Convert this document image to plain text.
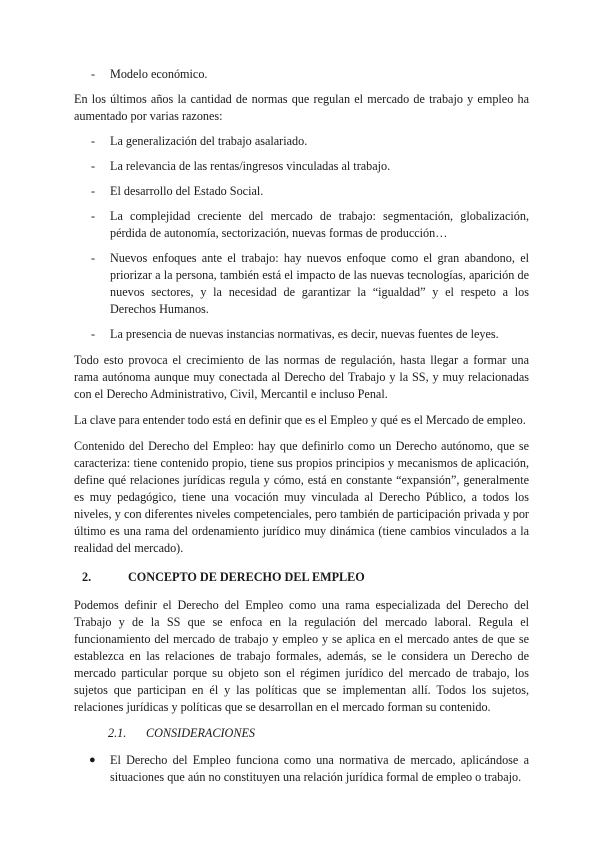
- Modelo económico.

En los últimos años la cantidad de normas que regulan el mercado de trabajo y empleo ha aumentado por varias razones:

- La generalización del trabajo asalariado.

- La relevancia de las rentas/ingresos vinculadas al trabajo.

- El desarrollo del Estado Social.

- La complejidad creciente del mercado de trabajo: segmentación, globalización, pérdida de autonomía, sectorización, nuevas formas de producción…

- Nuevos enfoques ante el trabajo: hay nuevos enfoque como el gran abandono, el priorizar a la persona, también está el impacto de las nuevas tecnologías, aparición de nuevos sectores, y la necesidad de garantizar la “igualdad” y el respeto a los Derechos Humanos.

- La presencia de nuevas instancias normativas, es decir, nuevas fuentes de leyes.

Todo esto provoca el crecimiento de las normas de regulación, hasta llegar a formar una rama autónoma aunque muy conectada al Derecho del Trabajo y la SS, y muy relacionadas con el Derecho Administrativo, Civil, Mercantil e incluso Penal.

La clave para entender todo está en definir que es el Empleo y qué es el Mercado de empleo.

Contenido del Derecho del Empleo: hay que definirlo como un Derecho autónomo, que se caracteriza: tiene contenido propio, tiene sus propios principios y mecanismos de aplicación, define qué relaciones jurídicas regula y cómo, está en constante “expansión”, generalmente es muy pedagógico, tiene una vocación muy vinculada al Derecho Público, a todos los niveles, y con diferentes niveles competenciales, pero también de participación privada y por último es una rama del ordenamiento jurídico muy dinámica (tiene cambios vinculados a la realidad del mercado).

2.	CONCEPTO DE DERECHO DEL EMPLEO

Podemos definir el Derecho del Empleo como una rama especializada del Derecho del Trabajo y de la SS que se enfoca en la regulación del mercado laboral. Regula el funcionamiento del mercado de trabajo y empleo y se aplica en el mercado antes de que se establezca en las relaciones de trabajo formales, además, se le considera un Derecho de mercado particular porque su objeto son el régimen jurídico del mercado de trabajo, los sujetos que participan en él y las políticas que se implementan allí. Todos los sujetos, relaciones jurídicas y políticas que se desarrollan en el mercado forman su contenido.

2.1. CONSIDERACIONES
● El Derecho del Empleo funciona como una normativa de mercado, aplicándose a situaciones que aún no constituyen una relación jurídica formal de empleo o trabajo.
